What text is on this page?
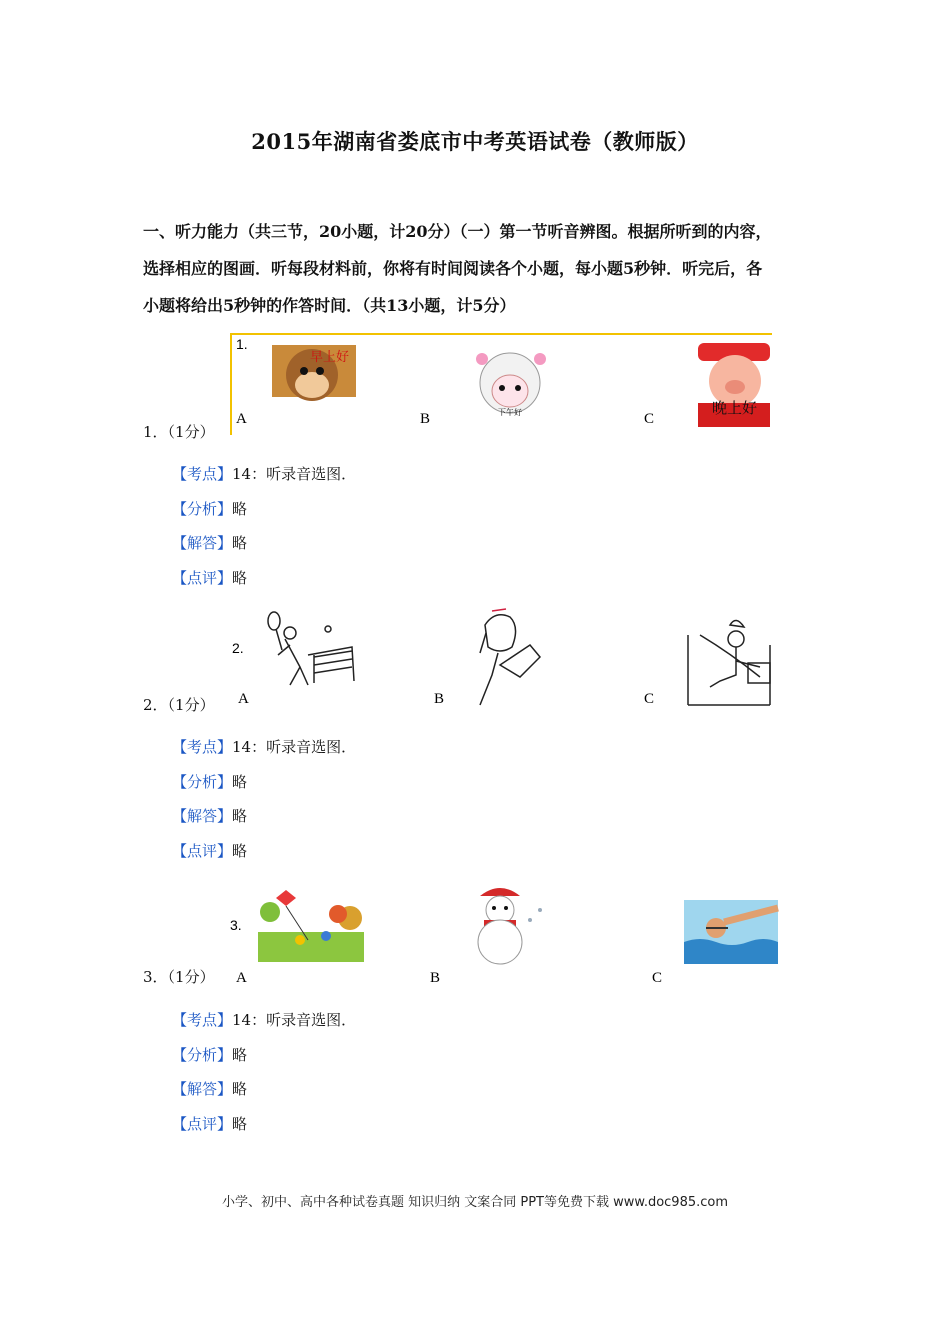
2015年湖南省娄底市中考英语试卷（教师版）

一、听力能力（共三节，20小题，计20分）（一）第一节听音辨图。根据所听到的内容，

选择相应的图画．听每段材料前，你将有时间阅读各个小题，每小题5秒钟．听完后，各

小题将给出5秒钟的作答时间．（共13小题，计5分）

1．（1分）
1.
早上好
A	下午好
B
晚上好
C
【考点】14：听录音选图．
【分析】略
【解答】略
【点评】略
2．（1分）
2.
A	B	C
【考点】14：听录音选图．
【分析】略
【解答】略
【点评】略
3．（1分）
3.
A	B	C
【考点】14：听录音选图．
【分析】略
【解答】略
【点评】略
小学、初中、高中各种试卷真题 知识归纳 文案合同 PPT等免费下载 www.doc985.com
